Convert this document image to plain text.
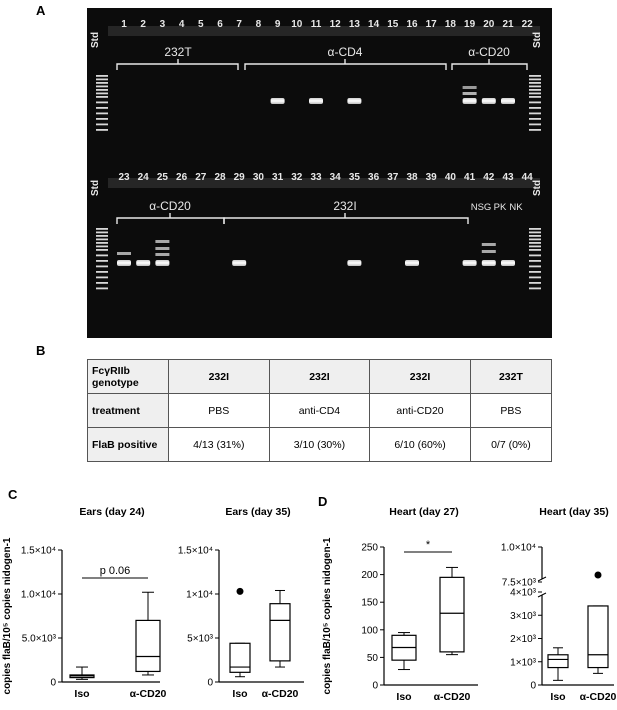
A
B
C	D
1 2 3 4 5 6 7 8 9 10 11 12 13 14 15 16 17 18 19 20 21 22
23 24 25 26 27 28 29 30 31 32 33 34 35 36 37 38 39 40 41 42 43 44
232T	α-CD4	α-CD20
α-CD20	232I	NSG PK NK
Std	Std
Std	Std
FcγRIIb genotype	232I	232I	232I	232T
treatment	PBS	anti-CD4	anti-CD20	PBS
FlaB positive	4/13 (31%)	3/10 (30%)	6/10 (60%)	0/7 (0%)
Ears (day 24)
copies flaB/10⁵ copies nidogen-1	0
5.0×10³
1.0×10⁴
1.5×10⁴
Iso	α-CD20
p 0.06
Ears (day 35)
0
5×10³
1×10⁴
1.5×10⁴
Iso α-CD20
Heart (day 27)
copies flaB/10⁵ copies nidogen-1	0
50
100
150
200
250
Iso α-CD20
*
Heart (day 35)
0
1×10³
2×10³
3×10³
4×10³
7.5×10³
1.0×10⁴
Iso α-CD20
